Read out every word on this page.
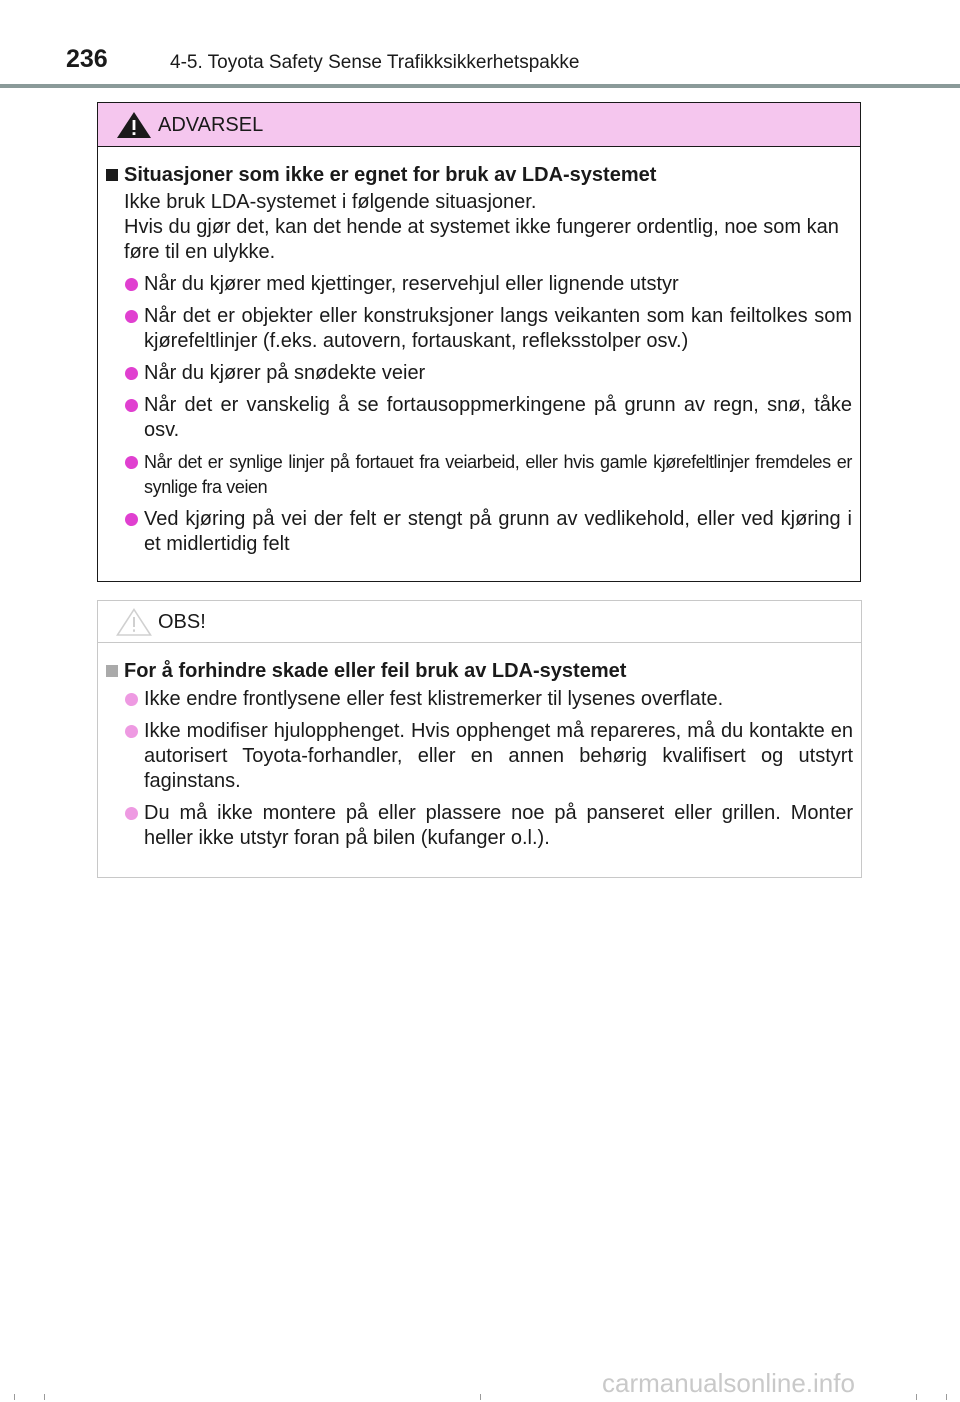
236	4-5. Toyota Safety Sense Trafikksikkerhetspakke
ADVARSEL
Situasjoner som ikke er egnet for bruk av LDA-systemet
Ikke bruk LDA-systemet i følgende situasjoner.
Hvis du gjør det, kan det hende at systemet ikke fungerer ordentlig, noe som kan føre til en ulykke.
Når du kjører med kjettinger, reservehjul eller lignende utstyr
Når det er objekter eller konstruksjoner langs veikanten som kan feiltolkes som kjørefeltlinjer (f.eks. autovern, fortauskant, refleksstolper osv.)
Når du kjører på snødekte veier
Når det er vanskelig å se fortausoppmerkingene på grunn av regn, snø, tåke osv.
Når det er synlige linjer på fortauet fra veiarbeid, eller hvis gamle kjørefeltlinjer fremdeles er synlige fra veien
Ved kjøring på vei der felt er stengt på grunn av vedlikehold, eller ved kjøring i et midlertidig felt
OBS!
For å forhindre skade eller feil bruk av LDA-systemet
Ikke endre frontlysene eller fest klistremerker til lysenes overflate.
Ikke modifiser hjulopphenget. Hvis opphenget må repareres, må du kontakte en autorisert Toyota-forhandler, eller en annen behørig kvalifisert og utstyrt faginstans.
Du må ikke montere på eller plassere noe på panseret eller grillen. Monter heller ikke utstyr foran på bilen (kufanger o.l.).
carmanualsonline.info
